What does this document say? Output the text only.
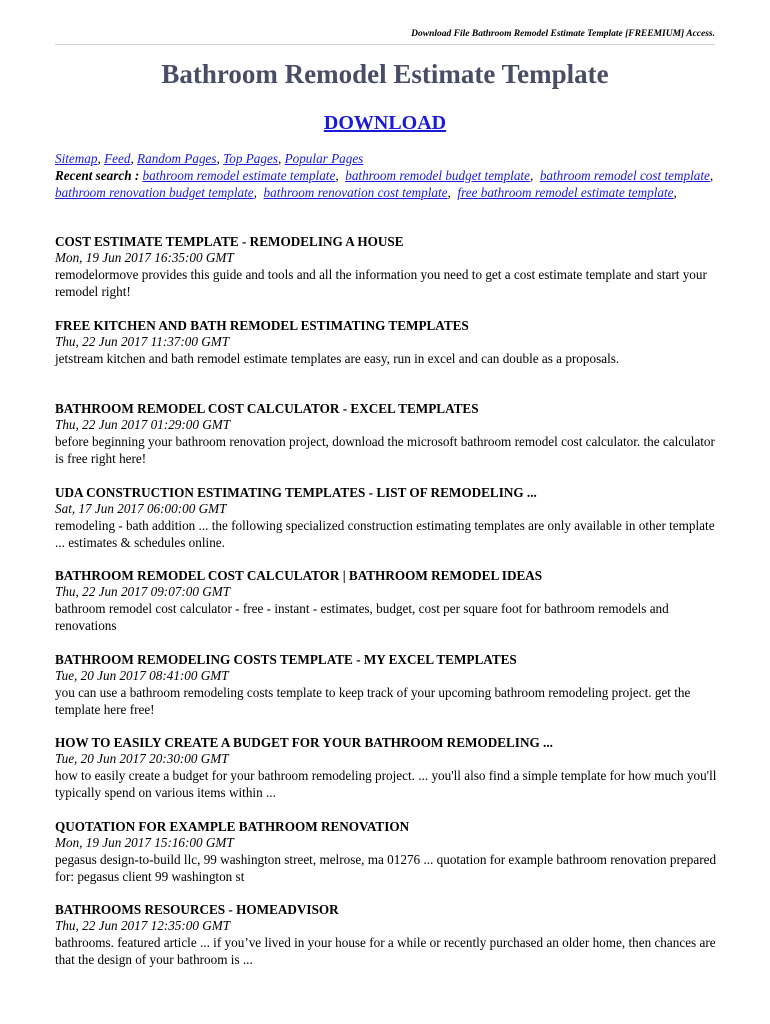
Download File Bathroom Remodel Estimate Template [FREEMIUM] Access.
Bathroom Remodel Estimate Template
DOWNLOAD
Sitemap, Feed, Random Pages, Top Pages, Popular Pages
Recent search : bathroom remodel estimate template,  bathroom remodel budget template,  bathroom remodel cost template,  bathroom renovation budget template,  bathroom renovation cost template,  free bathroom remodel estimate template,
COST ESTIMATE TEMPLATE - REMODELING A HOUSE
Mon, 19 Jun 2017 16:35:00 GMT
remodelormove provides this guide and tools and all the information you need to get a cost estimate template and start your remodel right!
FREE KITCHEN AND BATH REMODEL ESTIMATING TEMPLATES
Thu, 22 Jun 2017 11:37:00 GMT
jetstream kitchen and bath remodel estimate templates are easy, run in excel and can double as a proposals.
BATHROOM REMODEL COST CALCULATOR - EXCEL TEMPLATES
Thu, 22 Jun 2017 01:29:00 GMT
before beginning your bathroom renovation project, download the microsoft bathroom remodel cost calculator. the calculator is free right here!
UDA CONSTRUCTION ESTIMATING TEMPLATES - LIST OF REMODELING ...
Sat, 17 Jun 2017 06:00:00 GMT
remodeling - bath addition ... the following specialized construction estimating templates are only available in other template ... estimates & schedules online.
BATHROOM REMODEL COST CALCULATOR | BATHROOM REMODEL IDEAS
Thu, 22 Jun 2017 09:07:00 GMT
bathroom remodel cost calculator - free - instant - estimates, budget, cost per square foot for bathroom remodels and renovations
BATHROOM REMODELING COSTS TEMPLATE - MY EXCEL TEMPLATES
Tue, 20 Jun 2017 08:41:00 GMT
you can use a bathroom remodeling costs template to keep track of your upcoming bathroom remodeling project. get the template here free!
HOW TO EASILY CREATE A BUDGET FOR YOUR BATHROOM REMODELING ...
Tue, 20 Jun 2017 20:30:00 GMT
how to easily create a budget for your bathroom remodeling project. ... you'll also find a simple template for how much you'll typically spend on various items within ...
QUOTATION FOR EXAMPLE BATHROOM RENOVATION
Mon, 19 Jun 2017 15:16:00 GMT
pegasus design-to-build llc, 99 washington street, melrose, ma 01276 ... quotation for example bathroom renovation prepared for: pegasus client 99 washington st
BATHROOMS RESOURCES - HOMEADVISOR
Thu, 22 Jun 2017 12:35:00 GMT
bathrooms. featured article ... if you’ve lived in your house for a while or recently purchased an older home, then chances are that the design of your bathroom is ...
